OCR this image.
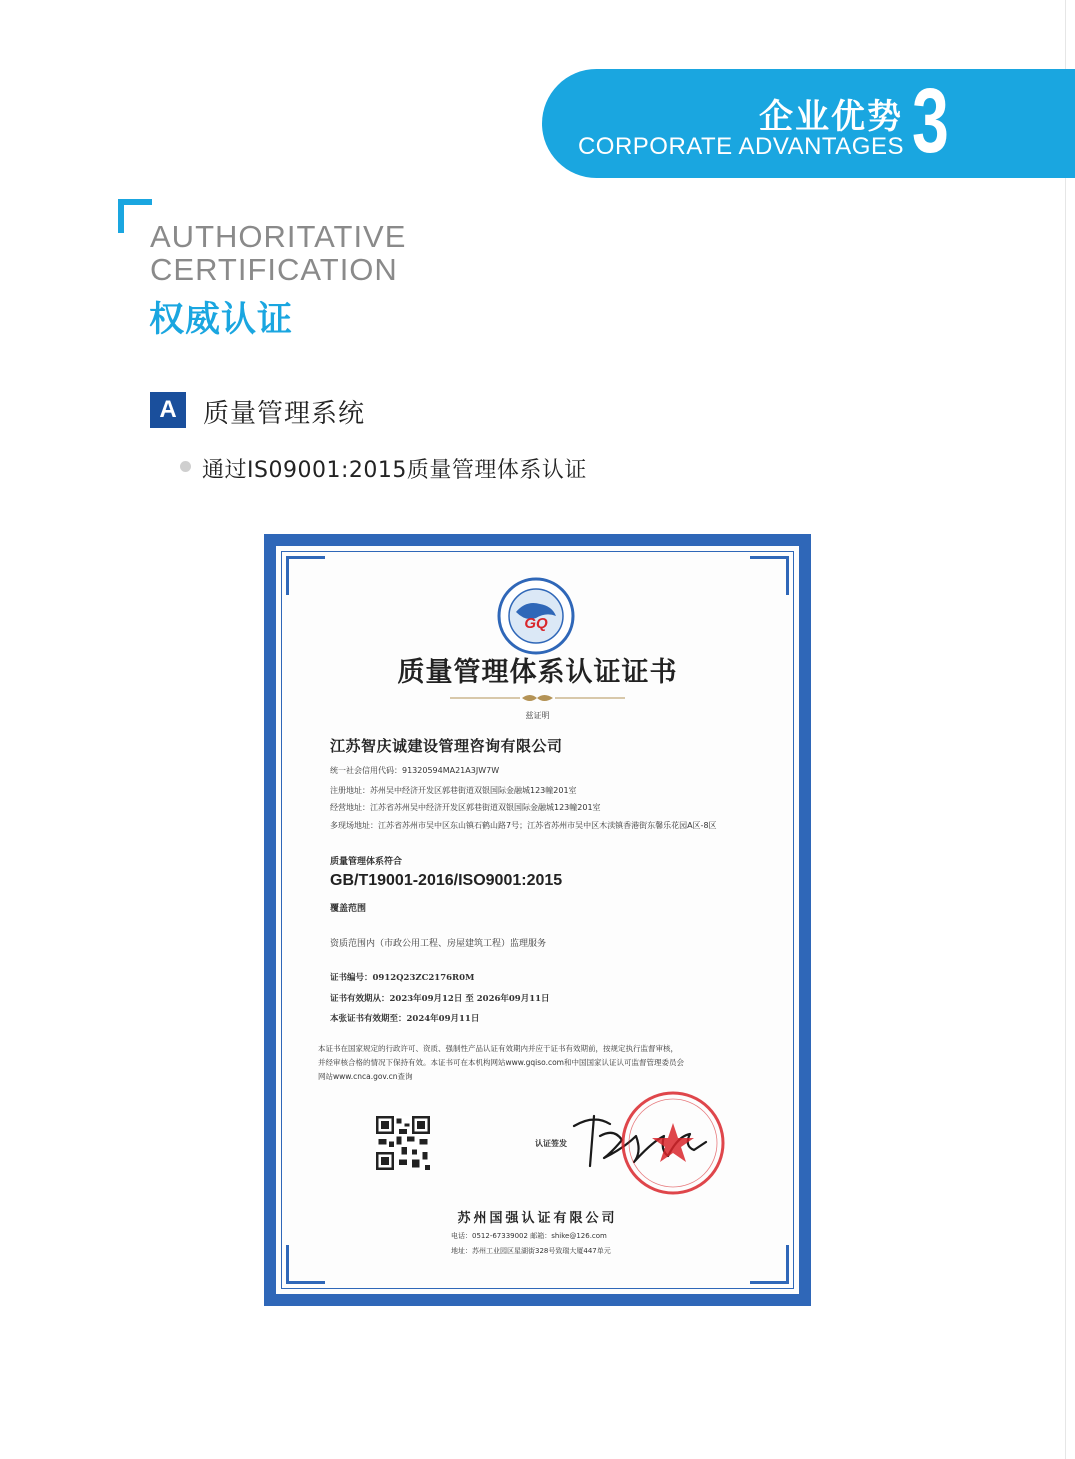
企业优势
CORPORATE ADVANTAGES 3
AUTHORITATIVE
CERTIFICATION
权威认证
A	质量管理系统
通过IS09001:2015质量管理体系认证
GQ
质量管理体系认证证书
兹证明
江苏智庆诚建设管理咨询有限公司
统一社会信用代码：91320594MA21A3JW7W
注册地址：苏州吴中经济开发区郭巷街道双银国际金融城123幢201室
经营地址：江苏省苏州吴中经济开发区郭巷街道双银国际金融城123幢201室
多现场地址：江苏省苏州市吴中区东山镇石鹤山路7号；江苏省苏州市吴中区木渎镇香港街东馨乐花园A区-8区
质量管理体系符合
GB/T19001-2016/ISO9001:2015
覆盖范围
资质范围内（市政公用工程、房屋建筑工程）监理服务
证书编号：0912Q23ZC2176R0M
证书有效期从：2023年09月12日 至 2026年09月11日
本张证书有效期至：2024年09月11日
本证书在国家规定的行政许可、资质、强制性产品认证有效期内并应于证书有效期前，按规定执行监督审核，
并经审核合格的情况下保持有效。本证书可在本机构网站www.gqiso.com和中国国家认证认可监督管理委员会
网站www.cnca.gov.cn查询
认证签发
苏州国强认证有限公司
电话：0512-67339002 邮箱：shike@126.com
地址：苏州工业园区星湖街328号致瑞大厦447单元
